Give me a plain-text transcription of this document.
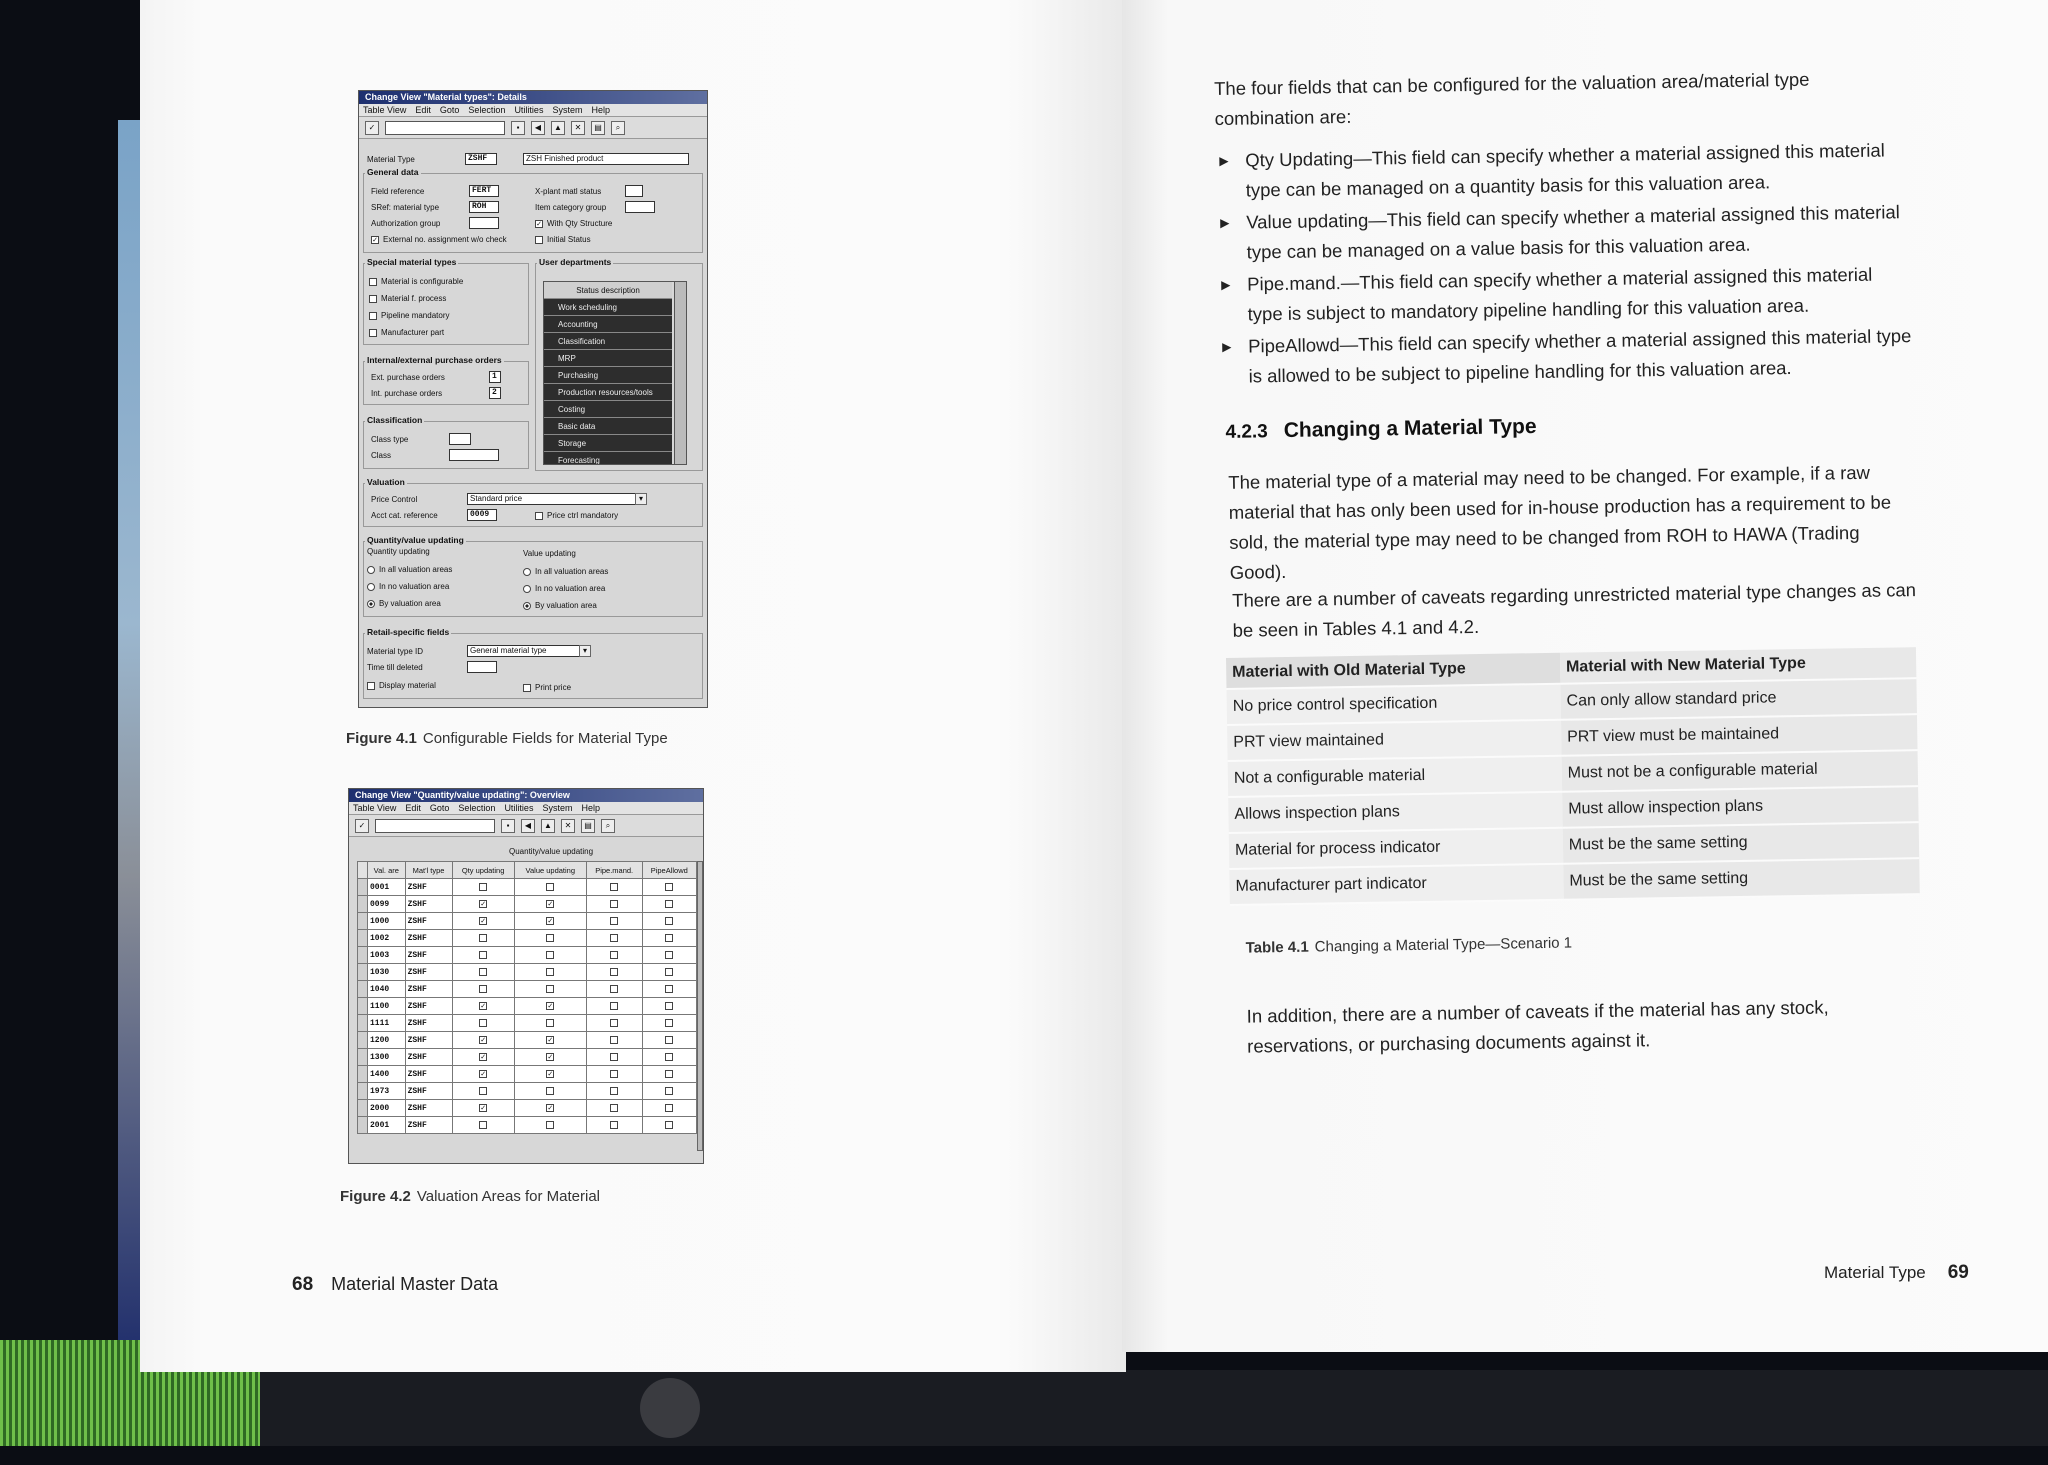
Change View "Material types": Details
Table View Edit Goto Selection Utilities System Help
✓	▪	◀	▲	✕	▤	⌕
Material Type	ZSHF	ZSH Finished product
General data
Field reference	FERT
SRef: material type	ROH
Authorization group
✓ External no. assignment w/o check
X-plant matl status
Item category group
✓ With Qty Structure
Initial Status
Special material types
Material is configurable
Material f. process
Pipeline mandatory
Manufacturer part
User departments
Status description
Work scheduling
Accounting
Classification
MRP
Purchasing
Production resources/tools
Costing
Basic data
Storage
Forecasting
Internal/external purchase orders
Ext. purchase orders	1
Int. purchase orders	2
Classification
Class type
Class
Valuation
Price Control	Standard price	▾
Acct cat. reference	0009	Price ctrl mandatory
Quantity/value updating
Quantity updating
In all valuation areas
In no valuation area
By valuation area
Value updating
In all valuation areas
In no valuation area
By valuation area
Retail-specific fields
Material type ID	General material type	▾
Time till deleted
Display material	Print price
Figure 4.1 Configurable Fields for Material Type
Change View "Quantity/value updating": Overview
Table View Edit Goto Selection Utilities System Help
✓	▪	◀	▲	✕	▤	⌕
Quantity/value updating
	Val. are	Mat'l type	Qty updating	Value updating	Pipe.mand.	PipeAllowd
	0001	ZSHF				
	0099	ZSHF	✓	✓		
	1000	ZSHF	✓	✓		
	1002	ZSHF				
	1003	ZSHF				
	1030	ZSHF				
	1040	ZSHF				
	1100	ZSHF	✓	✓		
	1111	ZSHF				
	1200	ZSHF	✓	✓		
	1300	ZSHF	✓	✓		
	1400	ZSHF	✓	✓		
	1973	ZSHF				
	2000	ZSHF	✓	✓		
	2001	ZSHF				
Figure 4.2 Valuation Areas for Material
68 Material Master Data
The four fields that can be configured for the valuation area/material type combination are:
▶ Qty Updating—This field can specify whether a material assigned this material type can be managed on a quantity basis for this valuation area.
▶ Value updating—This field can specify whether a material assigned this material type can be managed on a value basis for this valuation area.
▶ Pipe.mand.—This field can specify whether a material assigned this material type is subject to mandatory pipeline handling for this valuation area.
▶ PipeAllowd—This field can specify whether a material assigned this material type is allowed to be subject to pipeline handling for this valuation area.
4.2.3 Changing a Material Type
The material type of a material may need to be changed. For example, if a raw material that has only been used for in-house production has a requirement to be sold, the material type may need to be changed from ROH to HAWA (Trading Good).
There are a number of caveats regarding unrestricted material type changes as can be seen in Tables 4.1 and 4.2.
Table 4.1 Changing a Material Type—Scenario 1
In addition, there are a number of caveats if the material has any stock, reservations, or purchasing documents against it.
Material with Old Material Type	Material with New Material Type
No price control specification	Can only allow standard price
PRT view maintained	PRT view must be maintained
Not a configurable material	Must not be a configurable material
Allows inspection plans	Must allow inspection plans
Material for process indicator	Must be the same setting
Manufacturer part indicator	Must be the same setting
Material Type 69
